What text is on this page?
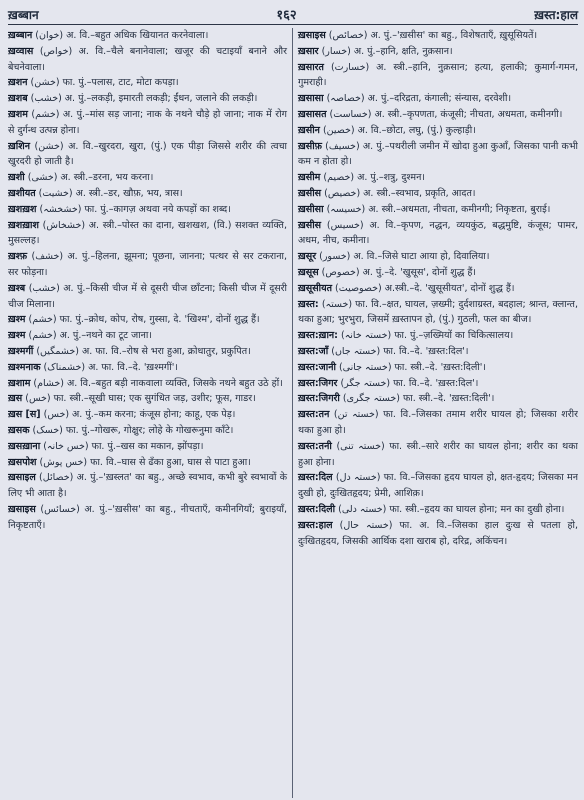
ख़ब्बान	१६२	ख़स्त:हाल

ख़ब्बान (خوان) अ. वि.–बहुत अधिक खियानत करनेवाला।

ख़व्वास (خواص) अ. वि.–चैले बनानेवाला; खजूर की चटाइयाँ बनाने और बेचनेवाला।

ख़शन (خشن) फा. पुं.–पलास, टाट, मोटा कपड़ा।

ख़शब (خشب) अ. पुं.–लकड़ी, इमारती लकड़ी; ईंधन, जलाने की लकड़ी।

ख़शम (خشم) अ. पुं.–मांस सड़ जाना; नाक के नथने चौड़े हो जाना; नाक में रोग से दुर्गन्ध उत्पन्न होना।

ख़शिन (خشن) अ. वि.–खुरदरा, खुरा, (पुं.) एक पीड़ा जिससे शरीर की त्वचा खुरदरी हो जाती है।

ख़शी (خشی) अ. स्त्री.–डरना, भय करना।

ख़शीयत (خشیت) अ. स्त्री.–डर, खौफ़, भय, त्रास।

ख़शख़श (خشخشہ) फा. पुं.–कागज़ अथवा नये कपड़ों का शब्द।

ख़शख़ाश (خشخاش) अ. स्त्री.–पोस्त का दाना, खशखश, (वि.) सशक्त व्यक्ति, मुसल्लह।

ख़श्फ़ (خشف) अ. पुं.–हिलना, झूमना; पूछना, जानना; पत्थर से सर टकराना, सर फोड़ना।

ख़श्ब (خشب) अ. पुं.–किसी चीज में से दूसरी चीज छाँटना; किसी चीज में दूसरी चीज मिलाना।

ख़श्म (خشم) फा. पुं.–क्रोध, कोप, रोष, गुस्सा, दे. 'खिश्म', दोनों शुद्ध हैं।

ख़श्म (خشم) अ. पुं.–नथने का टूट जाना।

ख़श्मगीं (خشمگیں) अ. फा. वि.–रोष से भरा हुआ, क्रोधातुर, प्रकुपित।

ख़श्मनाक (خشمناک) अ. फा. वि.–दे. 'ख़श्मगीं'।

ख़शाम (خشام) अ. वि.–बहुत बड़ी नाकवाला व्यक्ति, जिसके नथने बहुत उठे हों।

ख़स (خس) फा. स्त्री.–सूखी घास; एक सुगंधित जड़, उशीर; फूस, गाडर।

ख़स [स] (خس) अ. पुं.–कम करना; कंजूस होना; काहू, एक पेड़।

ख़सक (خسک) फा. पुं.–गोखरू, गोक्षुर; लोहे के गोखरूनुमा काँटे।

ख़सख़ाना (خس خانہ) फा. पुं.–खस का मकान, झोंपड़ा।

ख़सपोश (خس پوش) फा. वि.–घास से ढँका हुआ, घास से पाटा हुआ।

ख़साइल (خصائل) अ. पुं.–'ख़स्लत' का बहु., अच्छे स्वभाव, कभी बुरे स्वभावों के लिए भी आता है।

ख़साइस (خسائس) अ. पुं.–'ख़सीस' का बहु., नीचताएँ, कमीनगियाँ; बुराइयाँ, निकृष्टताएँ।

ख़साइस (خصائص) अ. पुं.–'ख़सीस' का बहु., विशेषताएँ, ख़ुसूसियतें।

ख़सार (خسار) अ. पुं.–हानि, क्षति, नुक़सान।

ख़सारत (خسارت) अ. स्त्री.–हानि, नुक़सान; हत्या, हलाकी; कुमार्ग-गमन, गुमराही।

ख़सासा (خصاصہ) अ. पुं.–दरिद्रता, कंगाली; संन्यास, दरवेशी।

ख़सासत (خساست) अ. स्त्री.–कृपणता, कंजूसी; नीचता, अधमता, कमीनगी।

ख़सीन (خصین) अ. वि.–छोटा, लघु, (पुं.) कुल्हाड़ी।

ख़सीफ़ (خسیف) अ. पुं.–पथरीली जमीन में खोदा हुआ कुआँ, जिसका पानी कभी कम न होता हो।

ख़सीम (خصیم) अ. पुं.–शत्रु, दुश्मन।

ख़सीस (خصیص) अ. स्त्री.–स्वभाव, प्रकृति, आदत।

ख़सीसा (خسیسہ) अ. स्त्री.–अधमता, नीचता, कमीनगी; निकृष्टता, बुराई।

ख़सीस (خسیس) अ. वि.–कृपण, नद्धन, व्ययकुंठ, बद्धमुष्टि, कंजूस; पामर, अधम, नीच, कमीना।

ख़सूर (خسور) अ. वि.–जिसे घाटा आया हो, दिवालिया।

ख़सूस (خصوص) अ. पुं.–दे. 'खुसूस', दोनों शुद्ध हैं।

ख़सूसीयत (خصوصیت) अ.स्त्री.–दे. 'खुसूसीयत', दोनों शुद्ध हैं।

ख़स्त: (خستہ) फा. वि.–क्षत, घायल, ज़ख्मी; दुर्दशाग्रस्त, बदहाल; श्रान्त, क्लान्त, थका हुआ; भुरभुरा, जिसमें ख़स्तापन हो, (पुं.) गुठली, फल का बीज।

ख़स्त:ख़ान: (خستہ خانہ) फा. पुं.–ज़ख्मियों का चिकित्सालय।

ख़स्त:जाँ (خستہ جاں) फा. वि.–दे. 'ख़स्त:दिल'।

ख़स्त:जानी (خستہ جانی) फा. स्त्री.–दे. 'ख़स्त:दिली'।

ख़स्त:जिगर (خستہ جگر) फा. वि.–दे. 'ख़स्त:दिल'।

ख़स्त:जिगरी (خستہ جگری) फा. स्त्री.–दे. 'ख़स्त:दिली'।

ख़स्त:तन (خستہ تن) फा. वि.–जिसका तमाम शरीर घायल हो; जिसका शरीर थका हुआ हो।

ख़स्त:तनी (خستہ تنی) फा. स्त्री.–सारे शरीर का घायल होना; शरीर का थका हुआ होना।

ख़स्त:दिल (خستہ دل) फा. वि.–जिसका हृदय घायल हो, क्षत-हृदय; जिसका मन दुखी हो, दुःखितहृदय; प्रेमी, आशिक़।

ख़स्त:दिली (خستہ دلی) फा. स्त्री.–हृदय का घायल होना; मन का दुखी होना।

ख़स्त:हाल (خستہ حال) फा. अ. वि.–जिसका हाल दुःख से पतला हो, दुःखितहृदय, जिसकी आर्थिक दशा खराब हो, दरिद्र, अकिंचन।
